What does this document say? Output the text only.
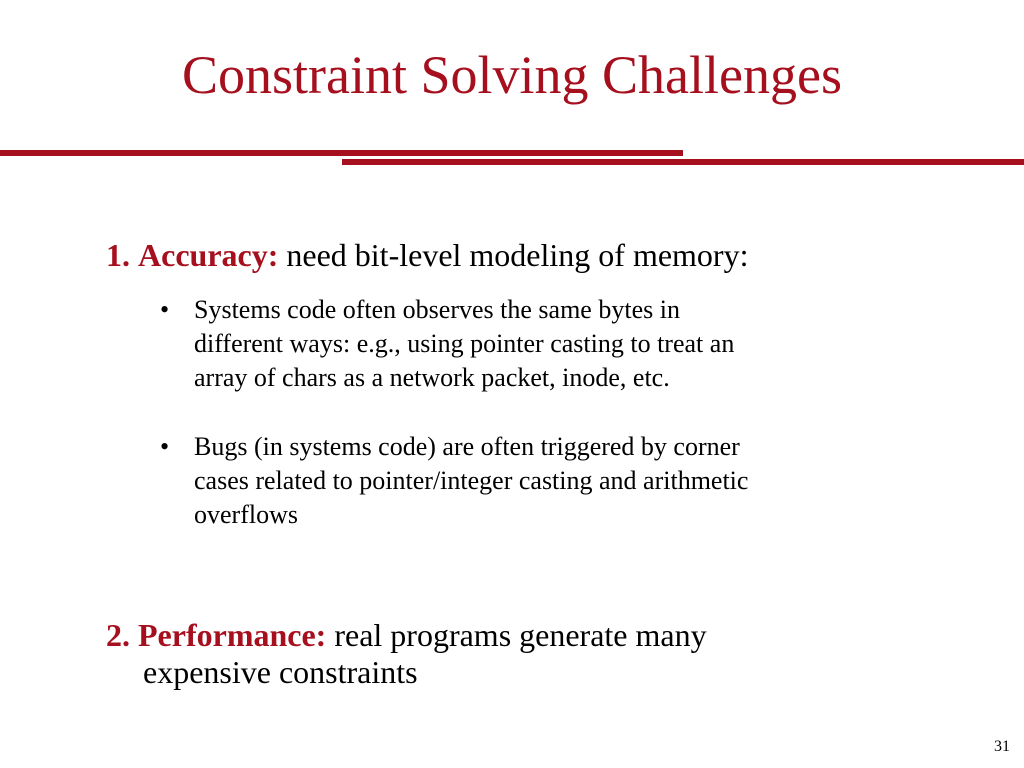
Constraint Solving Challenges
1. Accuracy: need bit-level modeling of memory:
• Systems code often observes the same bytes in
different ways: e.g., using pointer casting to treat an
array of chars as a network packet, inode, etc.
• Bugs (in systems code) are often triggered by corner
cases related to pointer/integer casting and arithmetic
overflows
2. Performance: real programs generate many
expensive constraints
31
